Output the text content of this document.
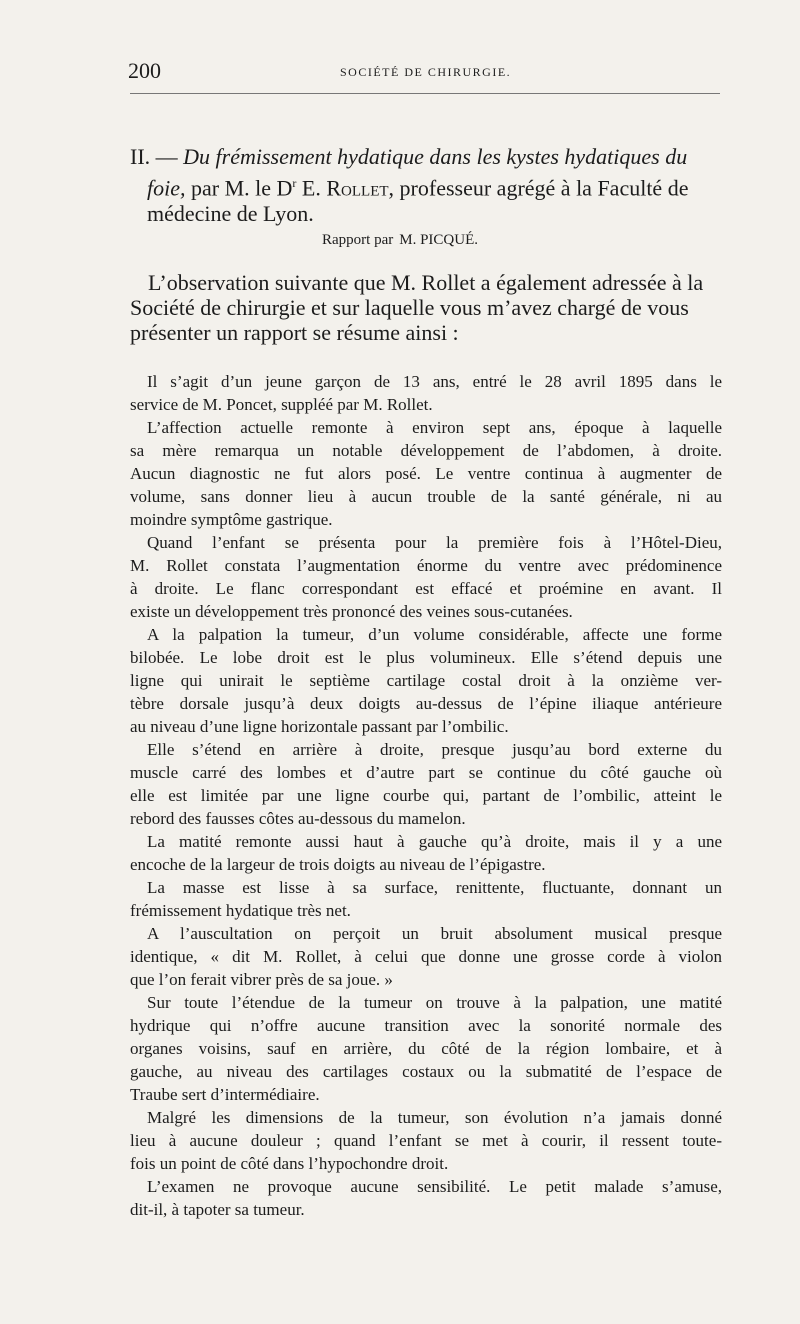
200	SOCIÉTÉ DE CHIRURGIE.
II. — Du frémissement hydatique dans les kystes hydatiques du
foie, par M. le $D^r$ E. Rollet, professeur agrégé à la Faculté de
médecine de Lyon.
Rapport par M. PICQUÉ.
L’observation suivante que M. Rollet a également adressée à la
Société de chirurgie et sur laquelle vous m’avez chargé de vous
présenter un rapport se résume ainsi :
Il s’agit d’un jeune garçon de 13 ans, entré le 28 avril 1895 dans le
service de M. Poncet, suppléé par M. Rollet.
L’affection actuelle remonte à environ sept ans, époque à laquelle
sa mère remarqua un notable développement de l’abdomen, à droite.
Aucun diagnostic ne fut alors posé. Le ventre continua à augmenter de
volume, sans donner lieu à aucun trouble de la santé générale, ni au
moindre symptôme gastrique.
Quand l’enfant se présenta pour la première fois à l’Hôtel-Dieu,
M. Rollet constata l’augmentation énorme du ventre avec prédominence
à droite. Le flanc correspondant est effacé et proémine en avant. Il
existe un développement très prononcé des veines sous-cutanées.
A la palpation la tumeur, d’un volume considérable, affecte une forme
bilobée. Le lobe droit est le plus volumineux. Elle s’étend depuis une
ligne qui unirait le septième cartilage costal droit à la onzième ver-
tèbre dorsale jusqu’à deux doigts au-dessus de l’épine iliaque antérieure
au niveau d’une ligne horizontale passant par l’ombilic.
Elle s’étend en arrière à droite, presque jusqu’au bord externe du
muscle carré des lombes et d’autre part se continue du côté gauche où
elle est limitée par une ligne courbe qui, partant de l’ombilic, atteint le
rebord des fausses côtes au-dessous du mamelon.
La matité remonte aussi haut à gauche qu’à droite, mais il y a une
encoche de la largeur de trois doigts au niveau de l’épigastre.
La masse est lisse à sa surface, renittente, fluctuante, donnant un
frémissement hydatique très net.
A l’auscultation on perçoit un bruit absolument musical presque
identique, « dit M. Rollet, à celui que donne une grosse corde à violon
que l’on ferait vibrer près de sa joue. »
Sur toute l’étendue de la tumeur on trouve à la palpation, une matité
hydrique qui n’offre aucune transition avec la sonorité normale des
organes voisins, sauf en arrière, du côté de la région lombaire, et à
gauche, au niveau des cartilages costaux ou la submatité de l’espace de
Traube sert d’intermédiaire.
Malgré les dimensions de la tumeur, son évolution n’a jamais donné
lieu à aucune douleur ; quand l’enfant se met à courir, il ressent toute-
fois un point de côté dans l’hypochondre droit.
L’examen ne provoque aucune sensibilité. Le petit malade s’amuse,
dit-il, à tapoter sa tumeur.
